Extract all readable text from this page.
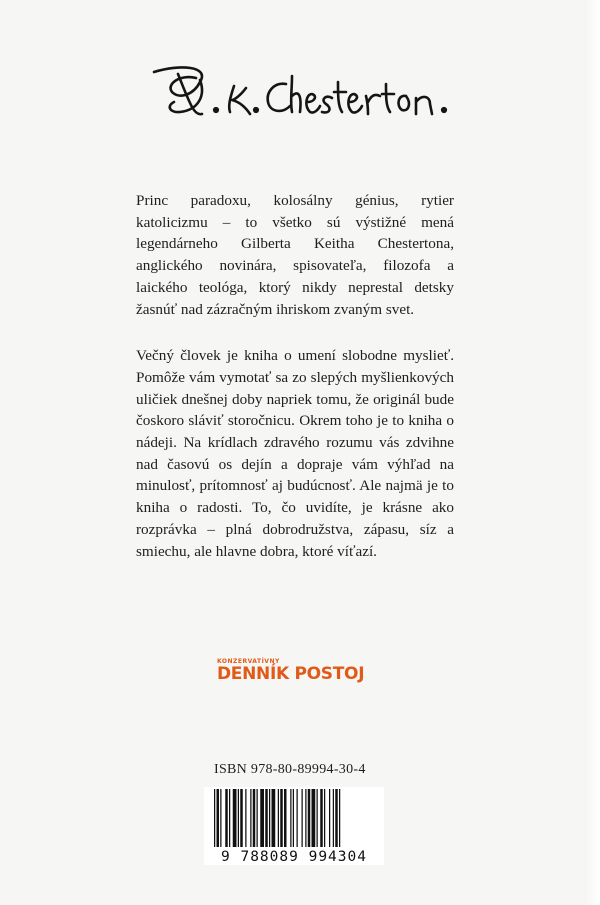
Princ paradoxu, kolosálny génius, rytier katolicizmu – to všetko sú výstižné mená legendárneho Gilberta Keitha Chestertona, anglického novinára, spisovateľa, filozofa a laického teológa, ktorý nikdy neprestal detsky žasnúť nad zázračným ihriskom zvaným svet.

Večný človek je kniha o umení slobodne myslieť. Pomôže vám vymotať sa zo slepých myšlienkových uličiek dnešnej doby napriek tomu, že originál bude čoskoro sláviť storočnicu. Okrem toho je to kniha o nádeji. Na krídlach zdravého rozumu vás zdvihne nad časovú os dejín a dopraje vám výhľad na minulosť, prítomnosť aj budúcnosť. Ale najmä je to kniha o radosti. To, čo uvidíte, je krásne ako rozprávka – plná dobrodružstva, zápasu, síz a smiechu, ale hlavne dobra, ktoré víťazí.

KONZERVATÍVNY
DENNÍK POSTOJ
ISBN 978-80-89994-30-4
9 788089 994304
